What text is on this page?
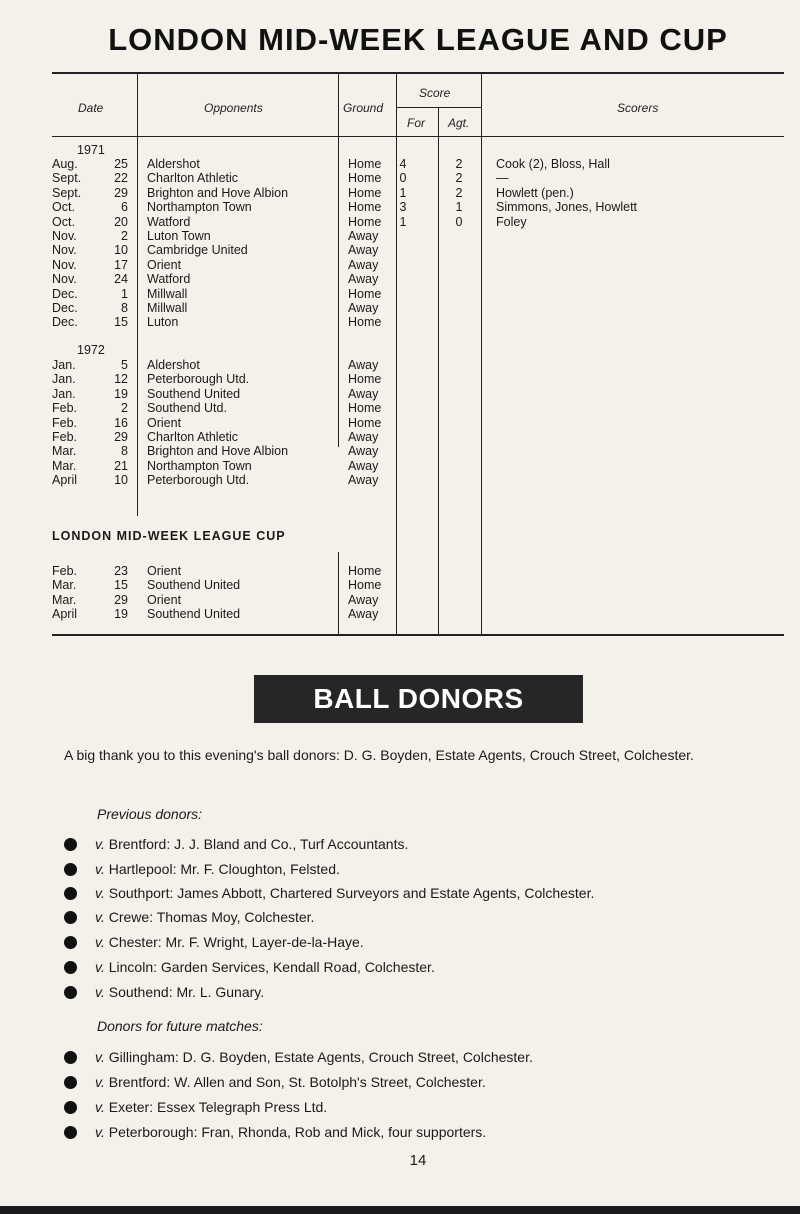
LONDON MID-WEEK LEAGUE AND CUP
Date	Opponents	Ground
Score
For Agt.
Scorers
1971
Aug.	25 Aldershot	Home 4	2	Cook (2), Bloss, Hall
Sept.	22 Charlton Athletic	Home 0	2	—
Sept.	29 Brighton and Hove Albion	Home 1	2	Howlett (pen.)
Oct.	6 Northampton Town	Home 3	1	Simmons, Jones, Howlett
Oct.	20 Watford	Home 1	0	Foley
Nov.	2 Luton Town	Away
Nov.	10 Cambridge United	Away
Nov.	17 Orient	Away
Nov.	24 Watford	Away
Dec.	1 Millwall	Home
Dec.	8 Millwall	Away
Dec.	15 Luton	Home
1972
Jan.	5 Aldershot	Away
Jan.	12 Peterborough Utd.	Home
Jan.	19 Southend United	Away
Feb.	2 Southend Utd.	Home
Feb.	16 Orient	Home
Feb.	29 Charlton Athletic	Away
Mar.	8 Brighton and Hove Albion	Away
Mar.	21 Northampton Town	Away
April	10 Peterborough Utd.	Away
LONDON MID-WEEK LEAGUE CUP
Feb.	23 Orient	Home
Mar.	15 Southend United	Home
Mar.	29 Orient	Away
April	19 Southend United	Away
BALL DONORS
A big thank you to this evening's ball donors: D. G. Boyden, Estate Agents, Crouch Street, Colchester.
Previous donors:
v. Brentford: J. J. Bland and Co., Turf Accountants.
v. Hartlepool: Mr. F. Cloughton, Felsted.
v. Southport: James Abbott, Chartered Surveyors and Estate Agents, Colchester.
v. Crewe: Thomas Moy, Colchester.
v. Chester: Mr. F. Wright, Layer-de-la-Haye.
v. Lincoln: Garden Services, Kendall Road, Colchester.
v. Southend: Mr. L. Gunary.
Donors for future matches:
v. Gillingham: D. G. Boyden, Estate Agents, Crouch Street, Colchester.
v. Brentford: W. Allen and Son, St. Botolph's Street, Colchester.
v. Exeter: Essex Telegraph Press Ltd.
v. Peterborough: Fran, Rhonda, Rob and Mick, four supporters.
14
